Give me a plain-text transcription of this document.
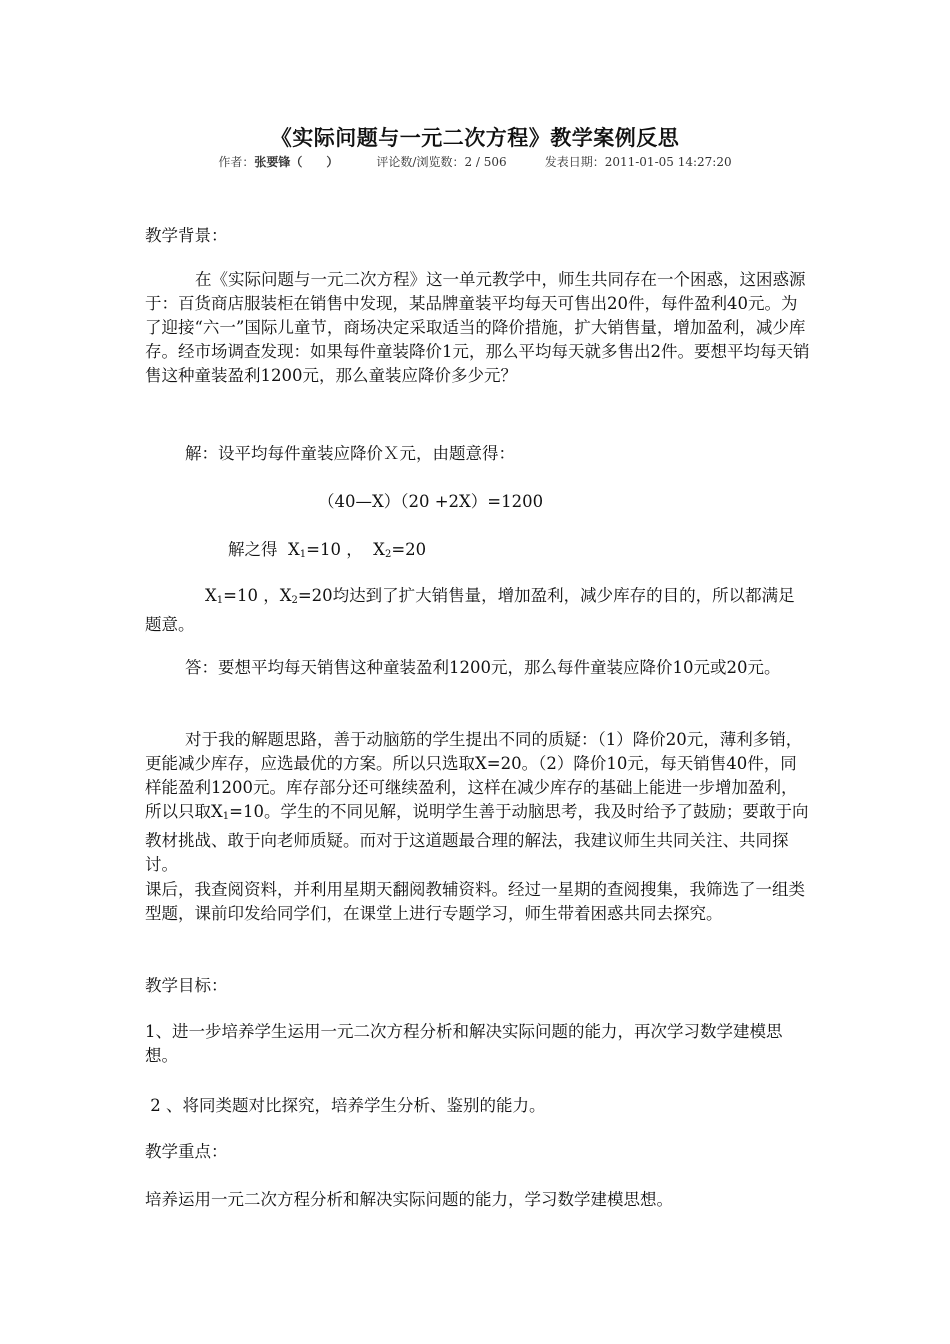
《实际问题与一元二次方程》教学案例反思
作者：张要锋（　　）	评论数/浏览数：2 / 506	发表日期：2011-01-05 14:27:20

教学背景：

在《实际问题与一元二次方程》这一单元教学中，师生共同存在一个困惑，这困惑源于：百货商店服装柜在销售中发现，某品牌童装平均每天可售出20件，每件盈利40元。为了迎接“六一”国际儿童节，商场决定采取适当的降价措施，扩大销售量，增加盈利，减少库存。经市场调查发现：如果每件童装降价1元，那么平均每天就多售出2件。要想平均每天销售这种童装盈利1200元，那么童装应降价多少元？

解：设平均每件童装应降价Ｘ元，由题意得：

（40—X）（20 +2X）=1200
解之得  $X_1=10$ ，  $X_2=20$

$X_1=10$ ，$X_2=20$均达到了扩大销售量，增加盈利，减少库存的目的，所以都满足题意。

答：要想平均每天销售这种童装盈利1200元，那么每件童装应降价10元或20元。

对于我的解题思路，善于动脑筋的学生提出不同的质疑：（1）降价20元，薄利多销，更能减少库存，应选最优的方案。所以只选取X=20。（2）降价10元，每天销售40件，同样能盈利1200元。库存部分还可继续盈利，这样在减少库存的基础上能进一步增加盈利，所以只取$X_1=10$。学生的不同见解，说明学生善于动脑思考，我及时给予了鼓励；要敢于向教材挑战、敢于向老师质疑。而对于这道题最合理的解法，我建议师生共同关注、共同探讨。

课后，我查阅资料，并利用星期天翻阅教辅资料。经过一星期的查阅搜集，我筛选了一组类型题，课前印发给同学们，在课堂上进行专题学习，师生带着困惑共同去探究。

教学目标：

1、进一步培养学生运用一元二次方程分析和解决实际问题的能力，再次学习数学建模思想。

2 、将同类题对比探究，培养学生分析、鉴别的能力。

教学重点：

培养运用一元二次方程分析和解决实际问题的能力，学习数学建模思想。
